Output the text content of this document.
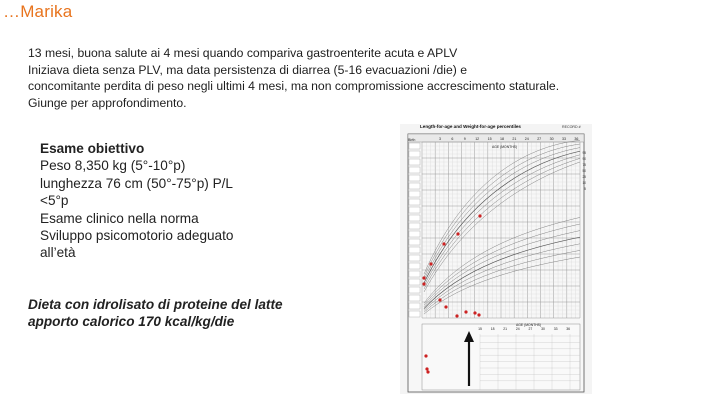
…Marika
13 mesi, buona salute ai 4 mesi quando compariva gastroenterite acuta e APLV
Iniziava dieta senza PLV, ma data persistenza di diarrea (5-16 evacuazioni /die) e
concomitante perdita di peso negli ultimi 4 mesi, ma non compromissione accrescimento staturale.
Giunge per approfondimento.
Esame obiettivo
Peso 8,350 kg (5°-10°p)
lunghezza 76 cm (50°-75°p) P/L
<5°p
Esame clinico nella norma
Sviluppo psicomotorio adeguato
all’età
Dieta con idrolisato di proteine del latte
apporto calorico 170 kcal/kg/die
3	6	9	12 15 18 21 24 27 30 33 36
15	18	21	24	27	30	33	36
95
90
75
50
25
10
5
Length-for-age and Weight-for-age percentiles	RECORD #
Birth
AGE (MONTHS)
AGE (MONTHS)
